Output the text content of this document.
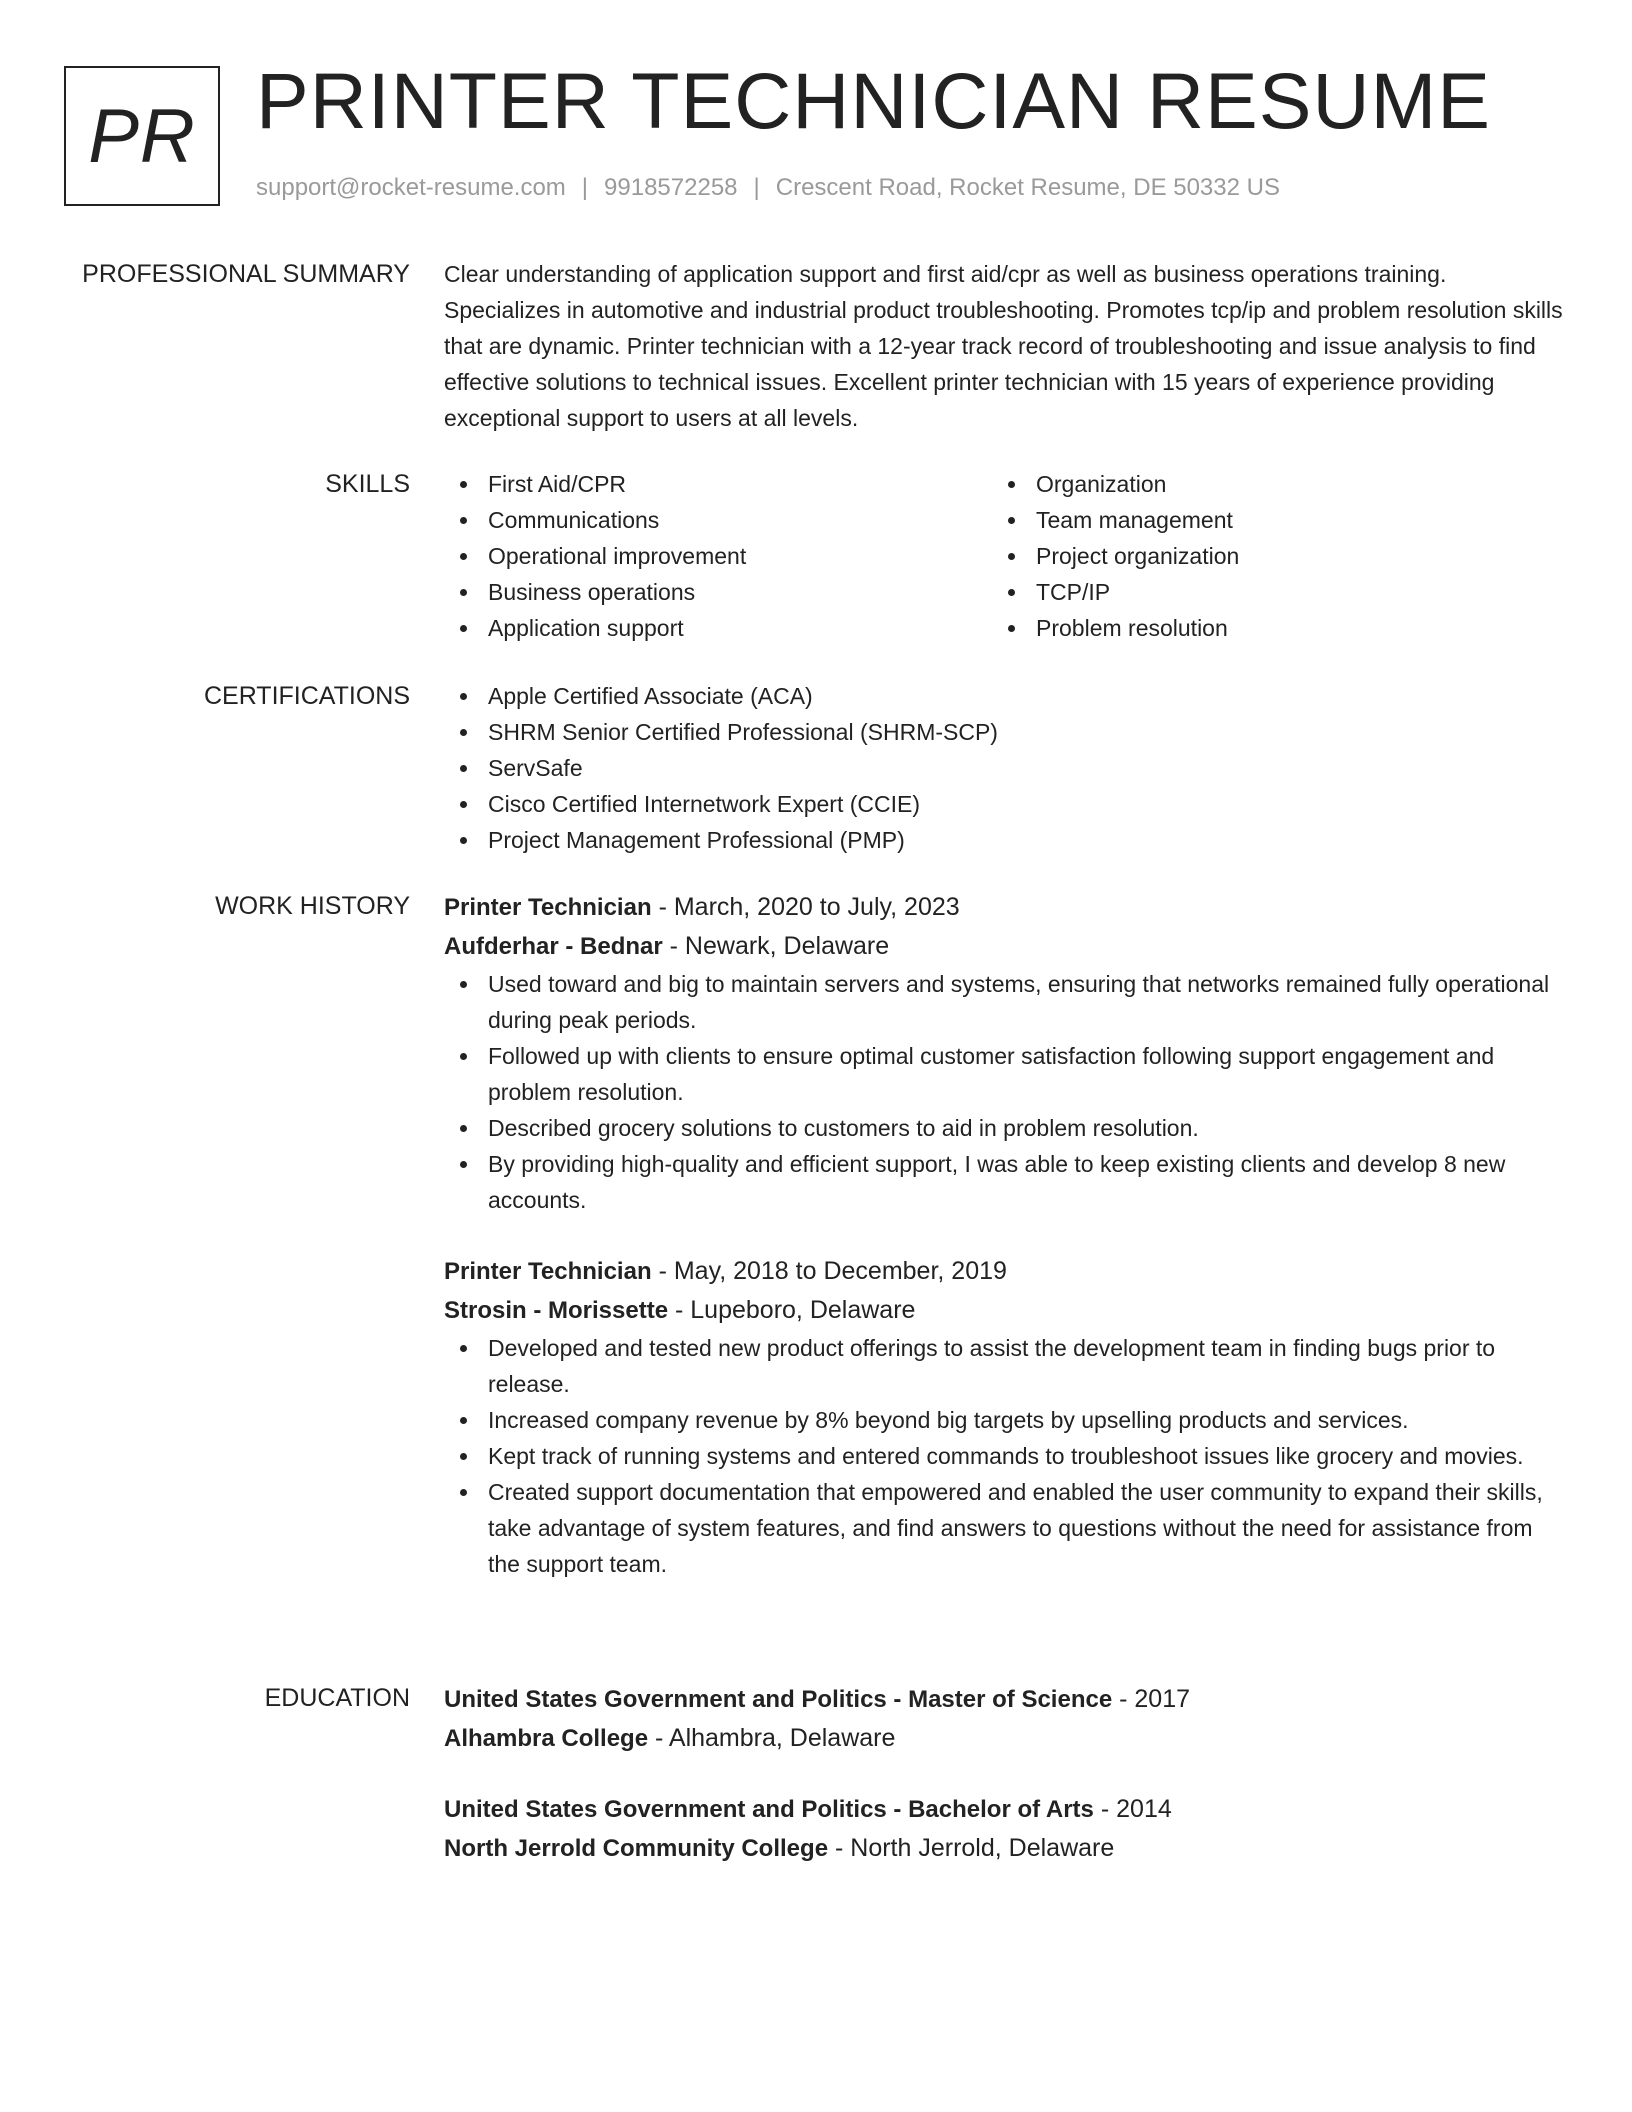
PR PRINTER TECHNICIAN RESUME
support@rocket-resume.com | 9918572258 | Crescent Road, Rocket Resume, DE 50332 US
PROFESSIONAL SUMMARY Clear understanding of application support and first aid/cpr as well as business operations training. Specializes in automotive and industrial product troubleshooting. Promotes tcp/ip and problem resolution skills that are dynamic. Printer technician with a 12-year track record of troubleshooting and issue analysis to find effective solutions to technical issues. Excellent printer technician with 15 years of experience providing exceptional support to users at all levels.

SKILLS	First Aid/CPR
Communications
Operational improvement
Business operations
Application support
Organization
Team management
Project organization
TCP/IP
Problem resolution
CERTIFICATIONS	Apple Certified Associate (ACA)
SHRM Senior Certified Professional (SHRM-SCP)
ServSafe
Cisco Certified Internetwork Expert (CCIE)
Project Management Professional (PMP)
WORK HISTORY Printer Technician - March, 2020 to July, 2023
Aufderhar - Bednar - Newark, Delaware
Used toward and big to maintain servers and systems, ensuring that networks remained fully operational during peak periods.
Followed up with clients to ensure optimal customer satisfaction following support engagement and problem resolution.
Described grocery solutions to customers to aid in problem resolution.
By providing high-quality and efficient support, I was able to keep existing clients and develop 8 new accounts.
Printer Technician - May, 2018 to December, 2019
Strosin - Morissette - Lupeboro, Delaware
Developed and tested new product offerings to assist the development team in finding bugs prior to release.
Increased company revenue by 8% beyond big targets by upselling products and services.
Kept track of running systems and entered commands to troubleshoot issues like grocery and movies.
Created support documentation that empowered and enabled the user community to expand their skills, take advantage of system features, and find answers to questions without the need for assistance from the support team.
EDUCATION United States Government and Politics - Master of Science - 2017
Alhambra College - Alhambra, Delaware
United States Government and Politics - Bachelor of Arts - 2014
North Jerrold Community College - North Jerrold, Delaware
